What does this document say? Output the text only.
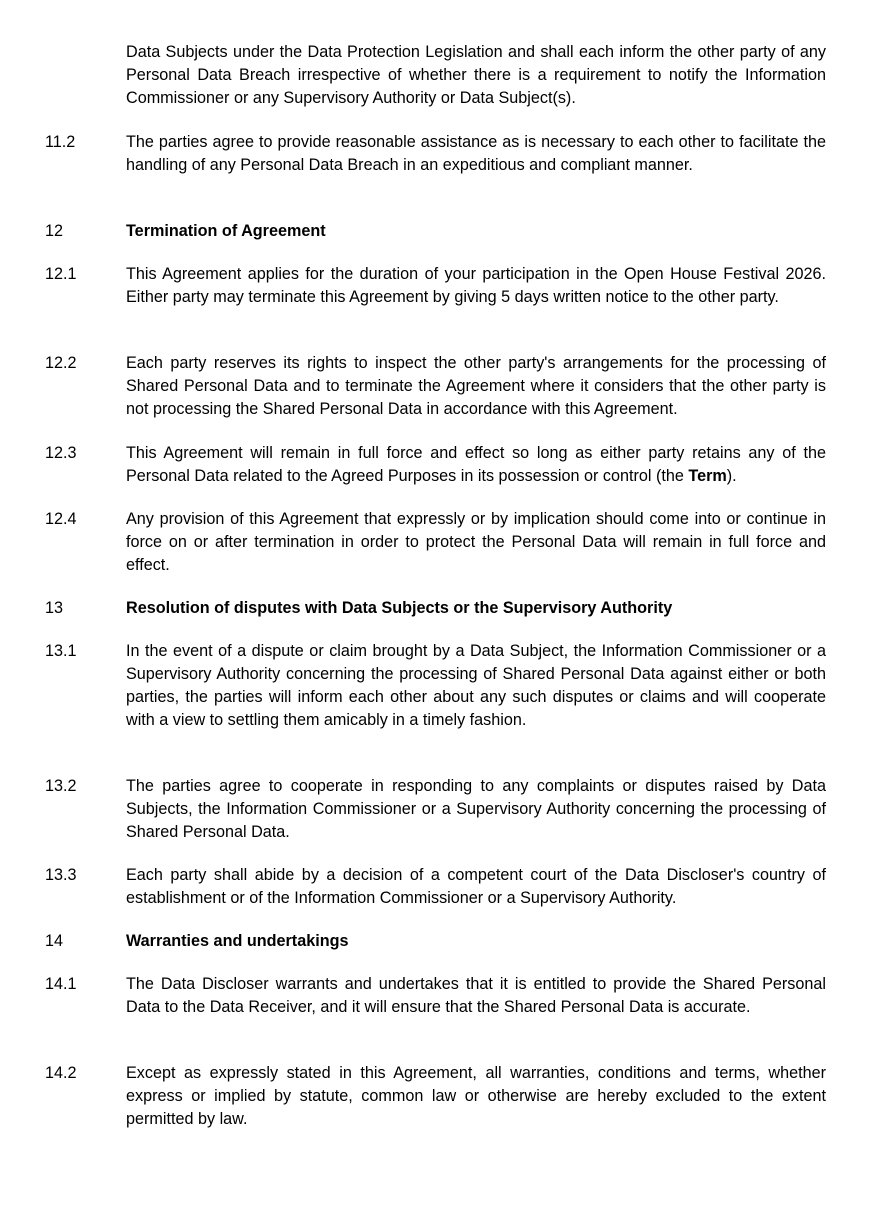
Data Subjects under the Data Protection Legislation and shall each inform the other party of any Personal Data Breach irrespective of whether there is a requirement to notify the Information Commissioner or any Supervisory Authority or Data Subject(s).

11.2	The parties agree to provide reasonable assistance as is necessary to each other to facilitate the handling of any Personal Data Breach in an expeditious and compliant manner.

12	Termination of Agreement

12.1	This Agreement applies for the duration of your participation in the Open House Festival 2026. Either party may terminate this Agreement by giving 5 days written notice to the other party.

12.2	Each party reserves its rights to inspect the other party's arrangements for the processing of Shared Personal Data and to terminate the Agreement where it considers that the other party is not processing the Shared Personal Data in accordance with this Agreement.

12.3	This Agreement will remain in full force and effect so long as either party retains any of the Personal Data related to the Agreed Purposes in its possession or control (the Term).

12.4	Any provision of this Agreement that expressly or by implication should come into or continue in force on or after termination in order to protect the Personal Data will remain in full force and effect.

13	Resolution of disputes with Data Subjects or the Supervisory Authority

13.1	In the event of a dispute or claim brought by a Data Subject, the Information Commissioner or a Supervisory Authority concerning the processing of Shared Personal Data against either or both parties, the parties will inform each other about any such disputes or claims and will cooperate with a view to settling them amicably in a timely fashion.

13.2	The parties agree to cooperate in responding to any complaints or disputes raised by Data Subjects, the Information Commissioner or a Supervisory Authority concerning the processing of Shared Personal Data.

13.3	Each party shall abide by a decision of a competent court of the Data Discloser's country of establishment or of the Information Commissioner or a Supervisory Authority.

14	Warranties and undertakings

14.1	The Data Discloser warrants and undertakes that it is entitled to provide the Shared Personal Data to the Data Receiver, and it will ensure that the Shared Personal Data is accurate.

14.2	Except as expressly stated in this Agreement, all warranties, conditions and terms, whether express or implied by statute, common law or otherwise are hereby excluded to the extent permitted by law.
